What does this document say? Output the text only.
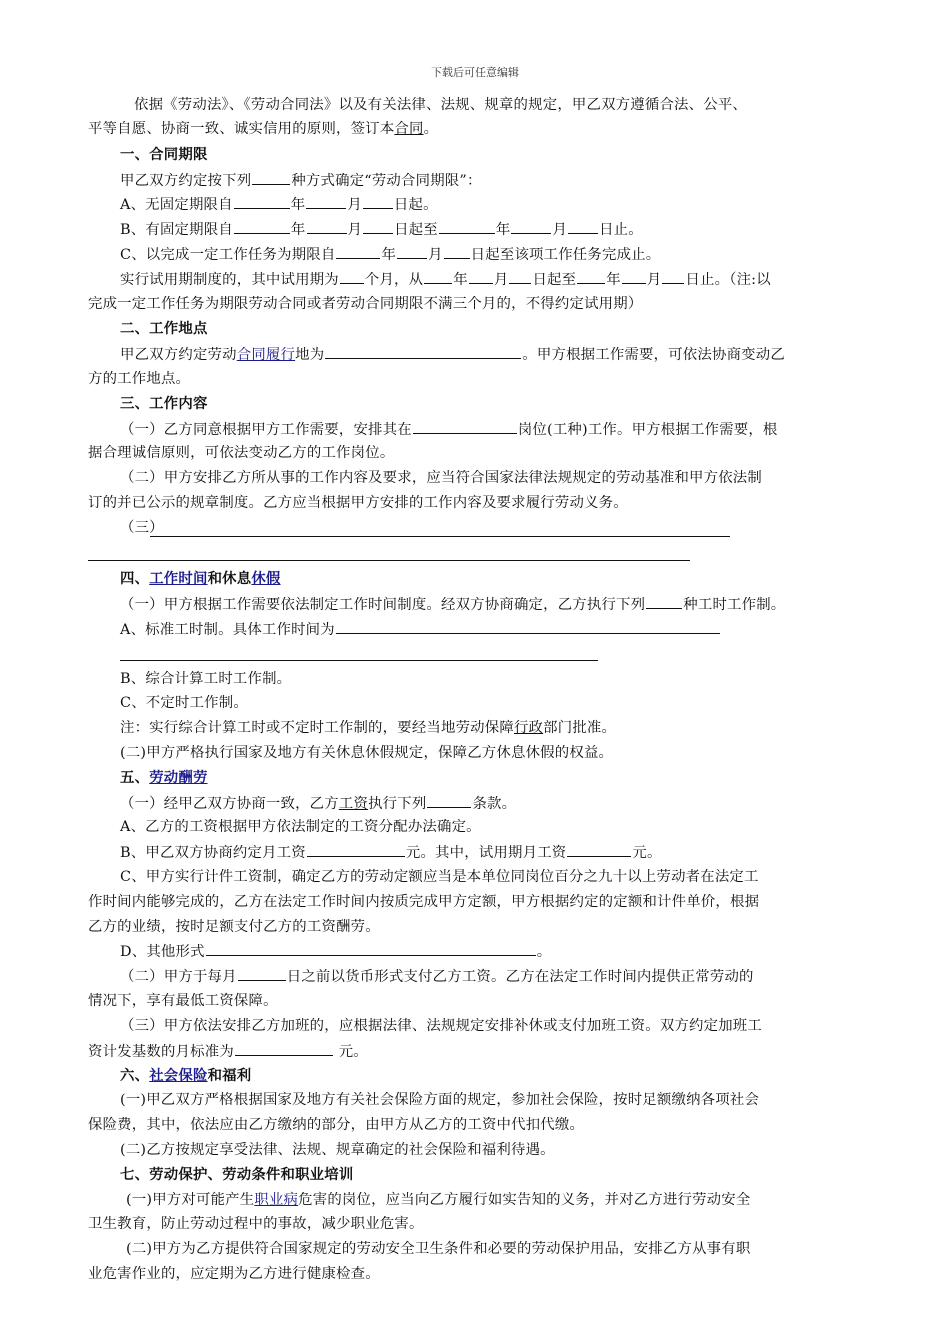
下载后可任意编辑
依据《劳动法》、《劳动合同法》以及有关法律、法规、规章的规定，甲乙双方遵循合法、公平、
平等自愿、协商一致、诚实信用的原则，签订本合同。
一、合同期限
甲乙双方约定按下列	种方式确定“劳动合同期限”：
A、无固定期限自	年	月 日起。
B、有固定期限自	年	月 日起至	年	月 日止。
C、以完成一定工作任务为期限自	年 月 日起至该项工作任务完成止。
实行试用期制度的，其中试用期为 个月，从 年 月 日起至 年 月 日止。（注:以
完成一定工作任务为期限劳动合同或者劳动合同期限不满三个月的，不得约定试用期）
二、工作地点
甲乙双方约定劳动合同履行地为	。甲方根据工作需要，可依法协商变动乙
方的工作地点。
三、工作内容
（一）乙方同意根据甲方工作需要，安排其在	岗位(工种)工作。甲方根据工作需要，根
据合理诚信原则，可依法变动乙方的工作岗位。
（二）甲方安排乙方所从事的工作内容及要求，应当符合国家法律法规规定的劳动基准和甲方依法制
订的并已公示的规章制度。乙方应当根据甲方安排的工作内容及要求履行劳动义务。
（三）
四、工作时间和休息休假
（一）甲方根据工作需要依法制定工作时间制度。经双方协商确定，乙方执行下列	种工时工作制。
A、标准工时制。具体工作时间为
B、综合计算工时工作制。
C、不定时工作制。
注：实行综合计算工时或不定时工作制的，要经当地劳动保障行政部门批准。
(二)甲方严格执行国家及地方有关休息休假规定，保障乙方休息休假的权益。
五、劳动酬劳
（一）经甲乙双方协商一致，乙方工资执行下列	条款。
A、乙方的工资根据甲方依法制定的工资分配办法确定。
B、甲乙双方协商约定月工资	元。其中，试用期月工资	元。
C、甲方实行计件工资制，确定乙方的劳动定额应当是本单位同岗位百分之九十以上劳动者在法定工
作时间内能够完成的，乙方在法定工作时间内按质完成甲方定额，甲方根据约定的定额和计件单价，根据
乙方的业绩，按时足额支付乙方的工资酬劳。
D、其他形式	。
（二）甲方于每月	日之前以货币形式支付乙方工资。乙方在法定工作时间内提供正常劳动的
情况下，享有最低工资保障。
（三）甲方依法安排乙方加班的，应根据法律、法规规定安排补休或支付加班工资。双方约定加班工
资计发基数的月标准为	元。
六、社会保险和福利
(一)甲乙双方严格根据国家及地方有关社会保险方面的规定，参加社会保险，按时足额缴纳各项社会
保险费，其中，依法应由乙方缴纳的部分，由甲方从乙方的工资中代扣代缴。
(二)乙方按规定享受法律、法规、规章确定的社会保险和福利待遇。
七、劳动保护、劳动条件和职业培训
(一)甲方对可能产生职业病危害的岗位，应当向乙方履行如实告知的义务，并对乙方进行劳动安全
卫生教育，防止劳动过程中的事故，减少职业危害。
(二)甲方为乙方提供符合国家规定的劳动安全卫生条件和必要的劳动保护用品，安排乙方从事有职
业危害作业的，应定期为乙方进行健康检查。
